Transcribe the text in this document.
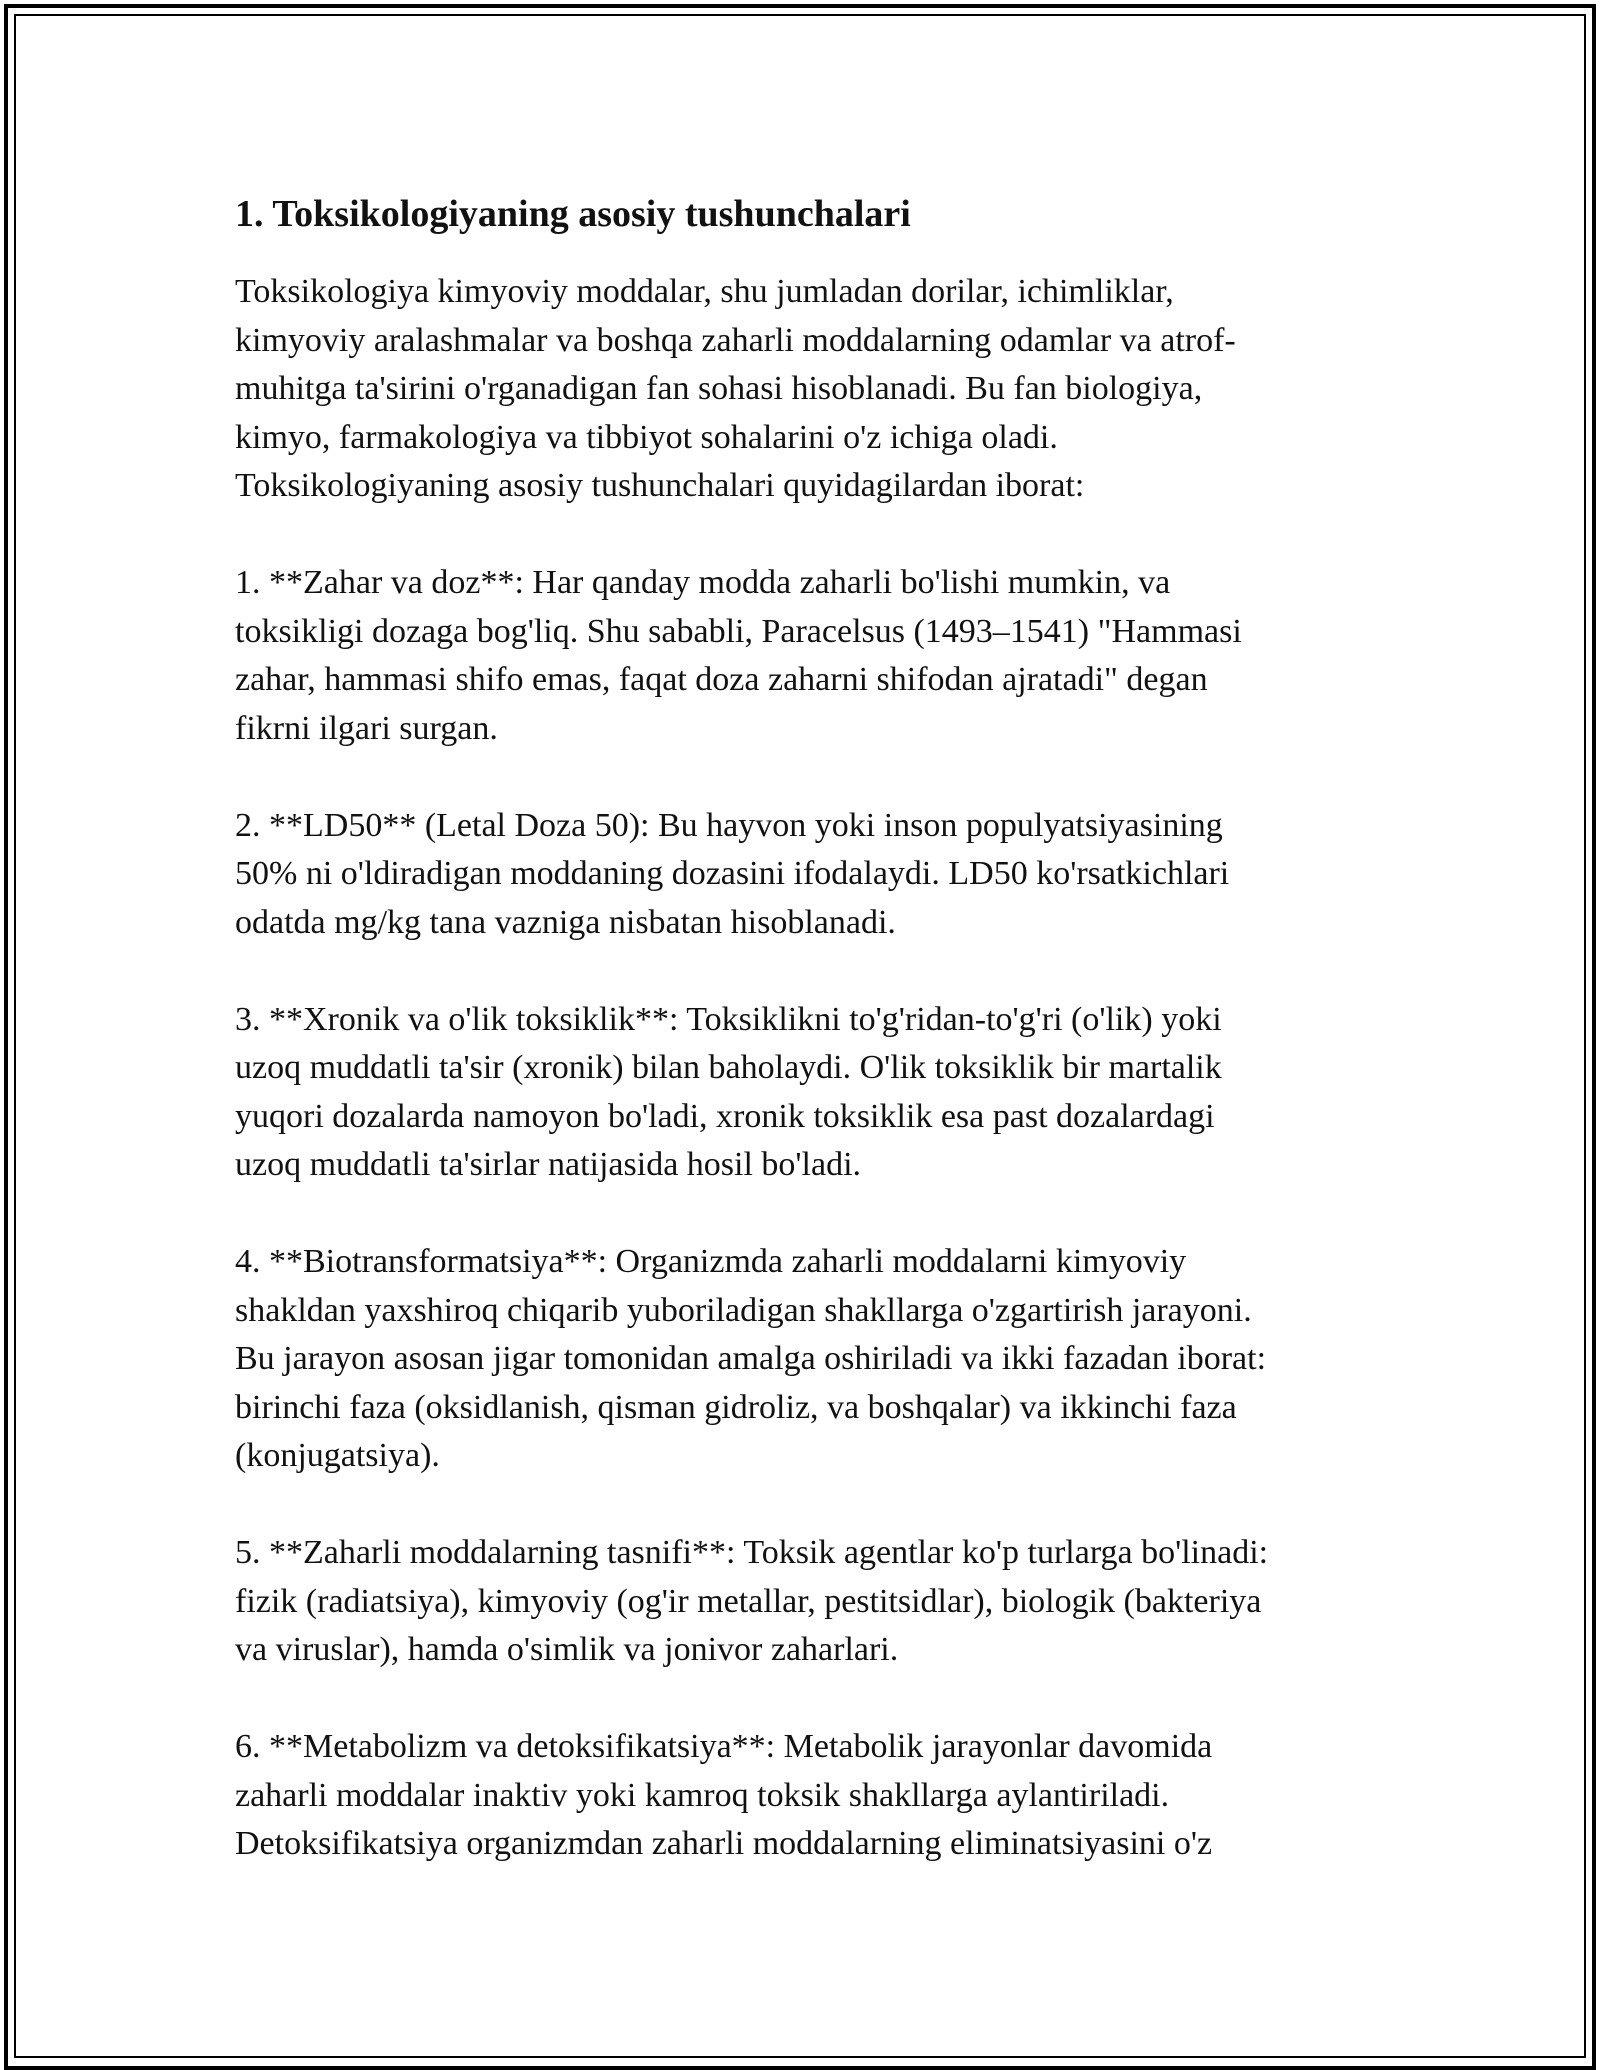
1. Toksikologiyaning asosiy tushunchalari

Toksikologiya kimyoviy moddalar, shu jumladan dorilar, ichimliklar,
kimyoviy aralashmalar va boshqa zaharli moddalarning odamlar va atrof-
muhitga ta'sirini o'rganadigan fan sohasi hisoblanadi. Bu fan biologiya,
kimyo, farmakologiya va tibbiyot sohalarini o'z ichiga oladi.
Toksikologiyaning asosiy tushunchalari quyidagilardan iborat:

1. **Zahar va doz**: Har qanday modda zaharli bo'lishi mumkin, va
toksikligi dozaga bog'liq. Shu sababli, Paracelsus (1493–1541) "Hammasi
zahar, hammasi shifo emas, faqat doza zaharni shifodan ajratadi" degan
fikrni ilgari surgan.

2. **LD50** (Letal Doza 50): Bu hayvon yoki inson populyatsiyasining
50% ni o'ldiradigan moddaning dozasini ifodalaydi. LD50 ko'rsatkichlari
odatda mg/kg tana vazniga nisbatan hisoblanadi.

3. **Xronik va o'lik toksiklik**: Toksiklikni to'g'ridan-to'g'ri (o'lik) yoki
uzoq muddatli ta'sir (xronik) bilan baholaydi. O'lik toksiklik bir martalik
yuqori dozalarda namoyon bo'ladi, xronik toksiklik esa past dozalardagi
uzoq muddatli ta'sirlar natijasida hosil bo'ladi.

4. **Biotransformatsiya**: Organizmda zaharli moddalarni kimyoviy
shakldan yaxshiroq chiqarib yuboriladigan shakllarga o'zgartirish jarayoni.
Bu jarayon asosan jigar tomonidan amalga oshiriladi va ikki fazadan iborat:
birinchi faza (oksidlanish, qisman gidroliz, va boshqalar) va ikkinchi faza
(konjugatsiya).

5. **Zaharli moddalarning tasnifi**: Toksik agentlar ko'p turlarga bo'linadi:
fizik (radiatsiya), kimyoviy (og'ir metallar, pestitsidlar), biologik (bakteriya
va viruslar), hamda o'simlik va jonivor zaharlari.

6. **Metabolizm va detoksifikatsiya**: Metabolik jarayonlar davomida
zaharli moddalar inaktiv yoki kamroq toksik shakllarga aylantiriladi.
Detoksifikatsiya organizmdan zaharli moddalarning eliminatsiyasini o'z
